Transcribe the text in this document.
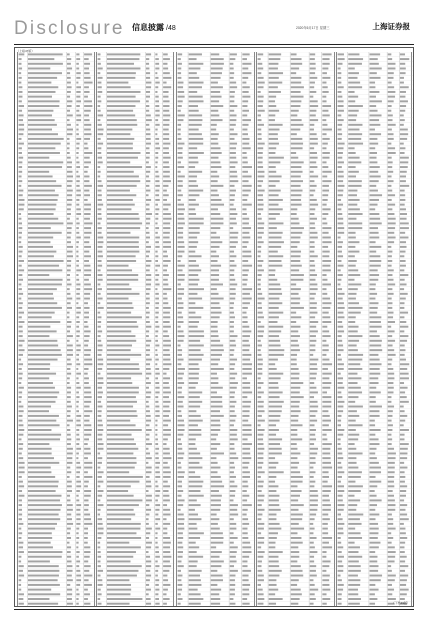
Disclosure 信息披露 /48	2020年6月17日 星期三	上海证券报
（上接47版）
（下转49版）
